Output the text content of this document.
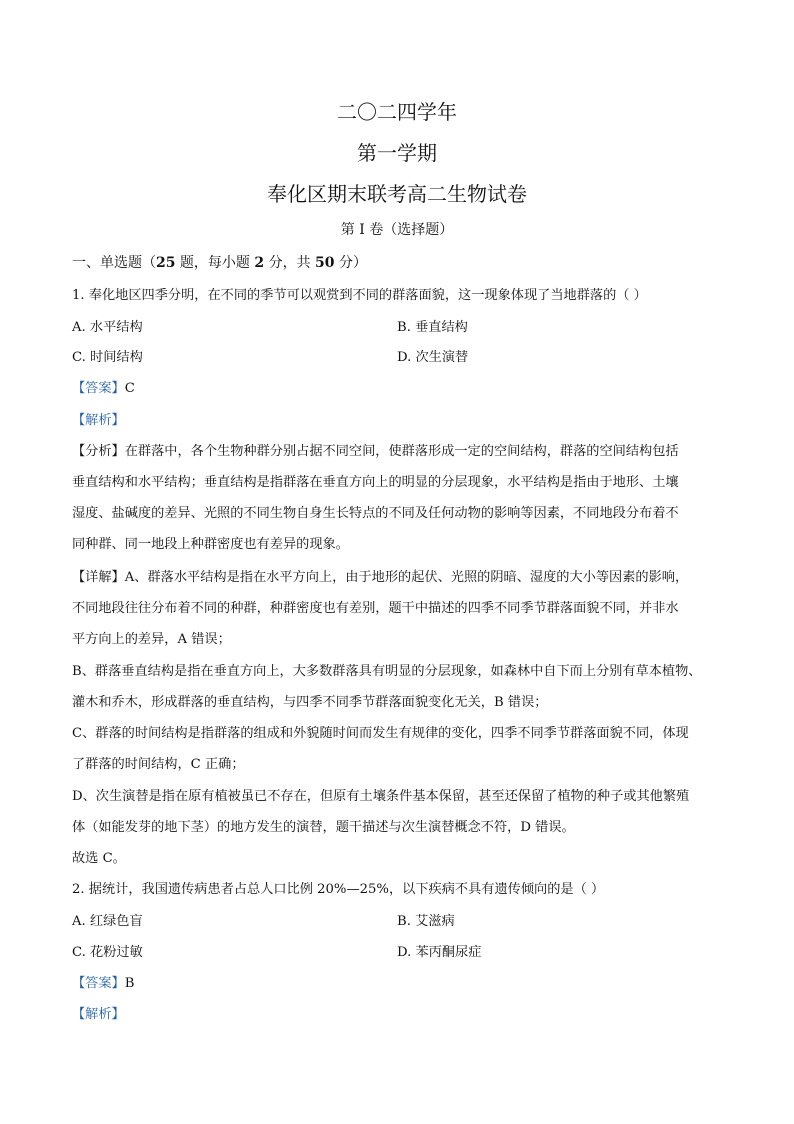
二〇二四学年
第一学期
奉化区期末联考高二生物试卷
第 I 卷（选择题）
一、单选题（25 题，每小题 2 分，共 50 分）
1. 奉化地区四季分明，在不同的季节可以观赏到不同的群落面貌，这一现象体现了当地群落的（ ）
A. 水平结构	B. 垂直结构
C. 时间结构	D. 次生演替
【答案】C
【解析】
【分析】在群落中，各个生物种群分别占据不同空间，使群落形成一定的空间结构，群落的空间结构包括
垂直结构和水平结构；垂直结构是指群落在垂直方向上的明显的分层现象，水平结构是指由于地形、土壤
湿度、盐碱度的差异、光照的不同生物自身生长特点的不同及任何动物的影响等因素，不同地段分布着不
同种群、同一地段上种群密度也有差异的现象。
【详解】A、群落水平结构是指在水平方向上，由于地形的起伏、光照的阴暗、湿度的大小等因素的影响，
不同地段往往分布着不同的种群，种群密度也有差别，题干中描述的四季不同季节群落面貌不同，并非水
平方向上的差异，A 错误；
B、群落垂直结构是指在垂直方向上，大多数群落具有明显的分层现象，如森林中自下而上分别有草本植物、
灌木和乔木，形成群落的垂直结构，与四季不同季节群落面貌变化无关，B 错误；
C、群落的时间结构是指群落的组成和外貌随时间而发生有规律的变化，四季不同季节群落面貌不同，体现
了群落的时间结构，C 正确；
D、次生演替是指在原有植被虽已不存在，但原有土壤条件基本保留，甚至还保留了植物的种子或其他繁殖
体（如能发芽的地下茎）的地方发生的演替，题干描述与次生演替概念不符，D 错误。
故选 C。
2. 据统计，我国遗传病患者占总人口比例 20%—25%，以下疾病不具有遗传倾向的是（ ）
A. 红绿色盲	B. 艾滋病
C. 花粉过敏	D. 苯丙酮尿症
【答案】B
【解析】
